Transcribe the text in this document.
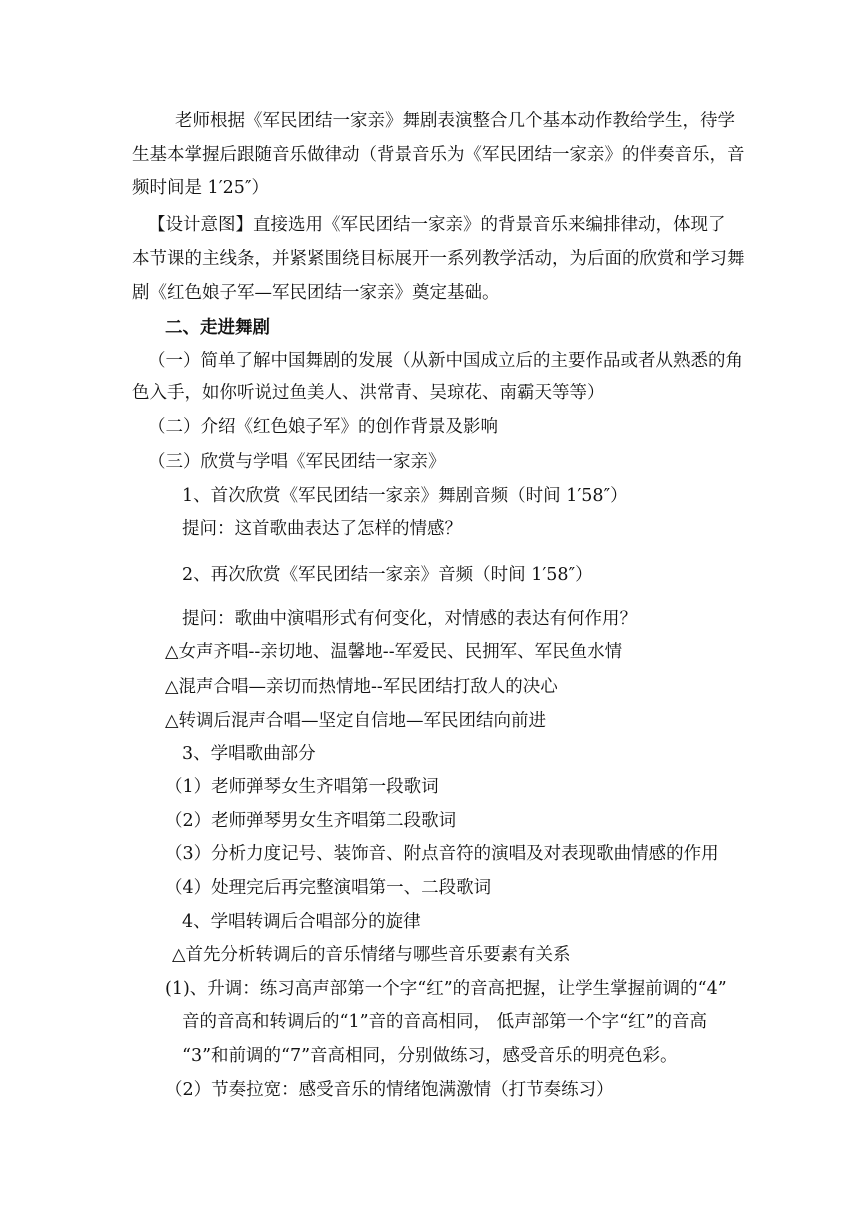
老师根据《军民团结一家亲》舞剧表演整合几个基本动作教给学生，待学
生基本掌握后跟随音乐做律动（背景音乐为《军民团结一家亲》的伴奏音乐，音
频时间是 1′25″）
【设计意图】直接选用《军民团结一家亲》的背景音乐来编排律动，体现了
本节课的主线条，并紧紧围绕目标展开一系列教学活动，为后面的欣赏和学习舞
剧《红色娘子军—军民团结一家亲》奠定基础。
二、走进舞剧
（一）简单了解中国舞剧的发展（从新中国成立后的主要作品或者从熟悉的角
色入手，如你听说过鱼美人、洪常青、吴琼花、南霸天等等）
（二）介绍《红色娘子军》的创作背景及影响
（三）欣赏与学唱《军民团结一家亲》
1、首次欣赏《军民团结一家亲》舞剧音频（时间 1′58″）
提问：这首歌曲表达了怎样的情感？
2、再次欣赏《军民团结一家亲》音频（时间 1′58″）
提问：歌曲中演唱形式有何变化，对情感的表达有何作用？
△女声齐唱--亲切地、温馨地--军爱民、民拥军、军民鱼水情
△混声合唱—亲切而热情地--军民团结打敌人的决心
△转调后混声合唱—坚定自信地—军民团结向前进
3、学唱歌曲部分
（1）老师弹琴女生齐唱第一段歌词
（2）老师弹琴男女生齐唱第二段歌词
（3）分析力度记号、装饰音、附点音符的演唱及对表现歌曲情感的作用
（4）处理完后再完整演唱第一、二段歌词
4、学唱转调后合唱部分的旋律
△首先分析转调后的音乐情绪与哪些音乐要素有关系
(1)、升调：练习高声部第一个字“红”的音高把握，让学生掌握前调的“4”
音的音高和转调后的“1”音的音高相同， 低声部第一个字“红”的音高
“3”和前调的“7”音高相同，分别做练习，感受音乐的明亮色彩。
（2）节奏拉宽：感受音乐的情绪饱满激情（打节奏练习）
